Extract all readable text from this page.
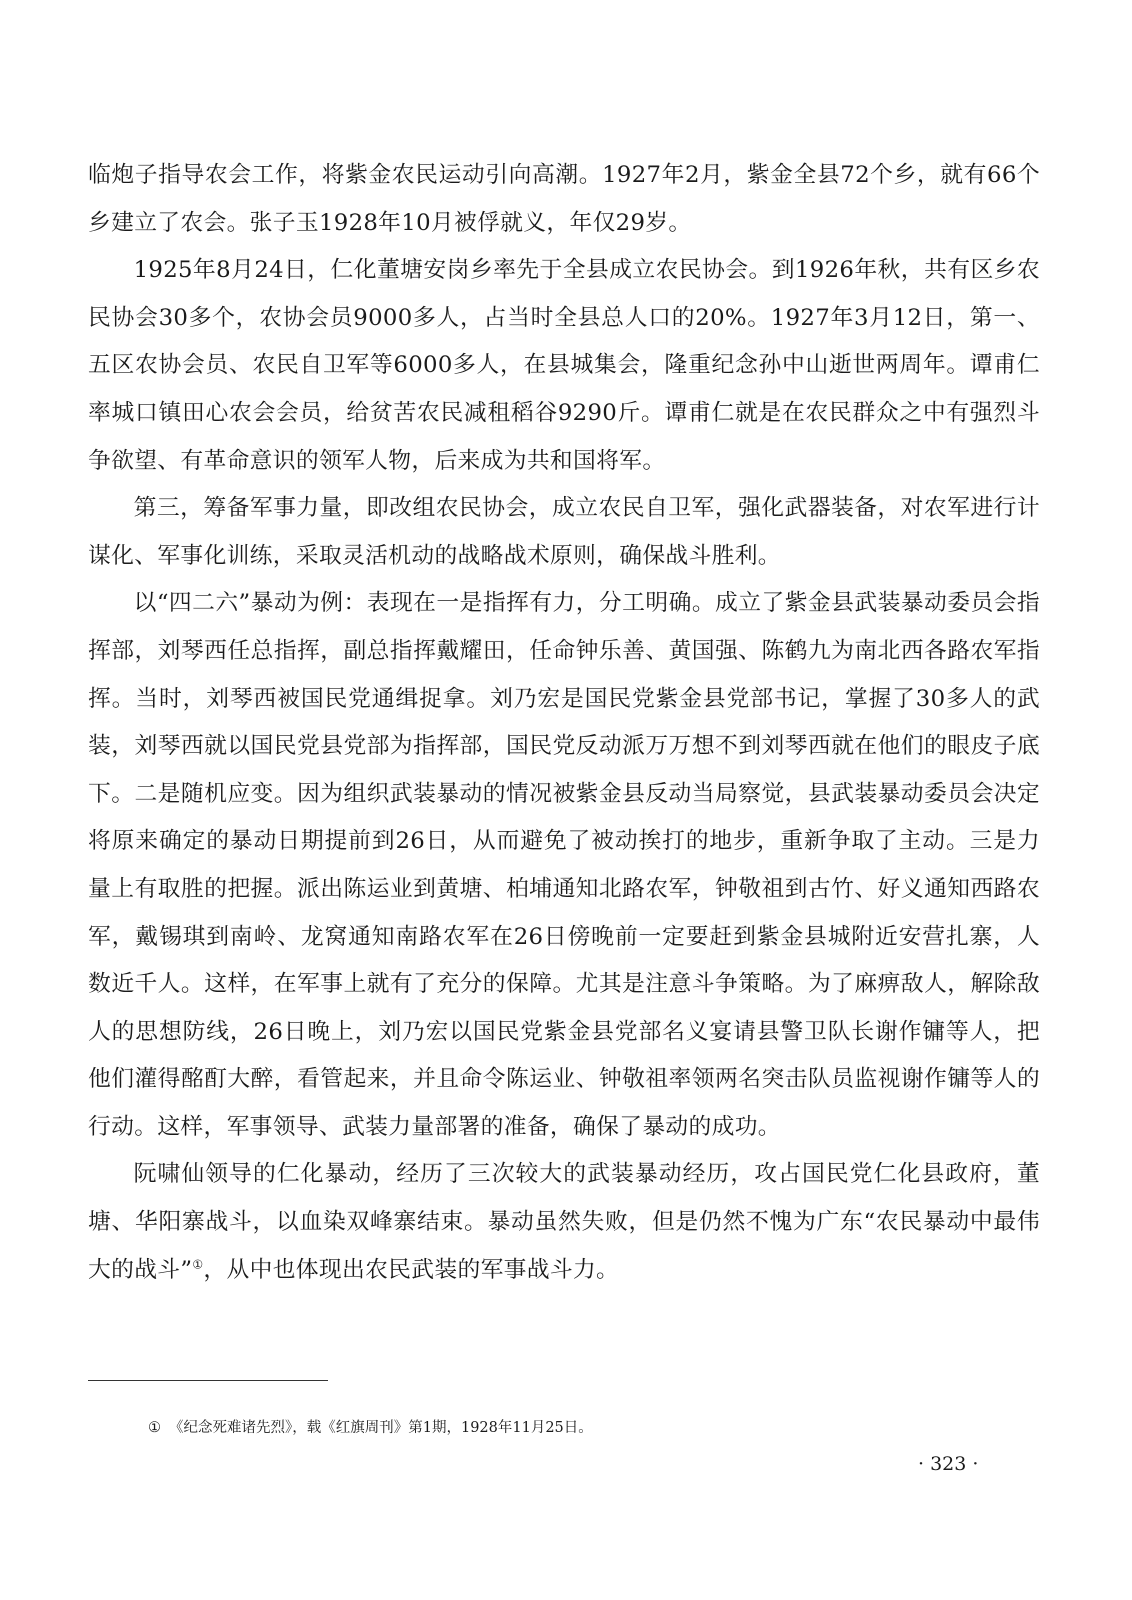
临炮子指导农会工作，将紫金农民运动引向高潮。1927年2月，紫金全县72个乡，就有66个乡建立了农会。张子玉1928年10月被俘就义，年仅29岁。

1925年8月24日，仁化董塘安岗乡率先于全县成立农民协会。到1926年秋，共有区乡农民协会30多个，农协会员9000多人，占当时全县总人口的20%。1927年3月12日，第一、五区农协会员、农民自卫军等6000多人，在县城集会，隆重纪念孙中山逝世两周年。谭甫仁率城口镇田心农会会员，给贫苦农民减租稻谷9290斤。谭甫仁就是在农民群众之中有强烈斗争欲望、有革命意识的领军人物，后来成为共和国将军。

第三，筹备军事力量，即改组农民协会，成立农民自卫军，强化武器装备，对农军进行计谋化、军事化训练，采取灵活机动的战略战术原则，确保战斗胜利。

以“四二六”暴动为例：表现在一是指挥有力，分工明确。成立了紫金县武装暴动委员会指挥部，刘琴西任总指挥，副总指挥戴耀田，任命钟乐善、黄国强、陈鹤九为南北西各路农军指挥。当时，刘琴西被国民党通缉捉拿。刘乃宏是国民党紫金县党部书记，掌握了30多人的武装，刘琴西就以国民党县党部为指挥部，国民党反动派万万想不到刘琴西就在他们的眼皮子底下。二是随机应变。因为组织武装暴动的情况被紫金县反动当局察觉，县武装暴动委员会决定将原来确定的暴动日期提前到26日，从而避免了被动挨打的地步，重新争取了主动。三是力量上有取胜的把握。派出陈运业到黄塘、柏埔通知北路农军，钟敬祖到古竹、好义通知西路农军，戴锡琪到南岭、龙窝通知南路农军在26日傍晚前一定要赶到紫金县城附近安营扎寨，人数近千人。这样，在军事上就有了充分的保障。尤其是注意斗争策略。为了麻痹敌人，解除敌人的思想防线，26日晚上，刘乃宏以国民党紫金县党部名义宴请县警卫队长谢作镛等人，把他们灌得酩酊大醉，看管起来，并且命令陈运业、钟敬祖率领两名突击队员监视谢作镛等人的行动。这样，军事领导、武装力量部署的准备，确保了暴动的成功。

阮啸仙领导的仁化暴动，经历了三次较大的武装暴动经历，攻占国民党仁化县政府，董塘、华阳寨战斗，以血染双峰寨结束。暴动虽然失败，但是仍然不愧为广东“农民暴动中最伟大的战斗”①，从中也体现出农民武装的军事战斗力。

① 《纪念死难诸先烈》，载《红旗周刊》第1期，1928年11月25日。
· 323 ·
